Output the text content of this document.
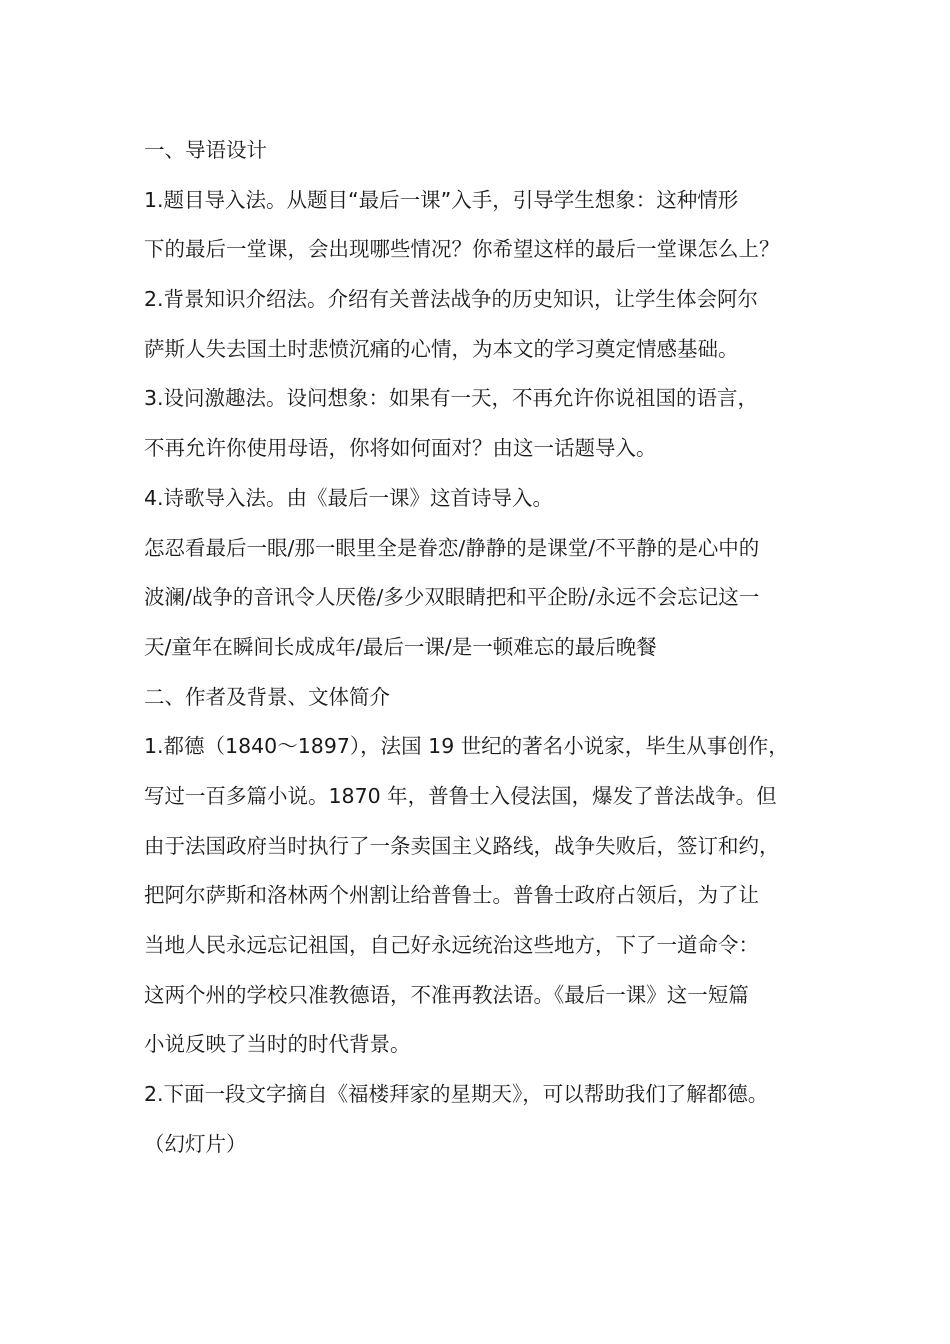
一、导语设计
1.题目导入法。从题目“最后一课”入手，引导学生想象：这种情形
下的最后一堂课，会出现哪些情况？你希望这样的最后一堂课怎么上？
2.背景知识介绍法。介绍有关普法战争的历史知识，让学生体会阿尔
萨斯人失去国土时悲愤沉痛的心情，为本文的学习奠定情感基础。
3.设问激趣法。设问想象：如果有一天，不再允许你说祖国的语言，
不再允许你使用母语，你将如何面对？由这一话题导入。
4.诗歌导入法。由《最后一课》这首诗导入。
怎忍看最后一眼/那一眼里全是眷恋/静静的是课堂/不平静的是心中的
波澜/战争的音讯令人厌倦/多少双眼睛把和平企盼/永远不会忘记这一
天/童年在瞬间长成成年/最后一课/是一顿难忘的最后晚餐
二、作者及背景、文体简介
1.都德（1840～1897），法国 19 世纪的著名小说家，毕生从事创作，
写过一百多篇小说。1870 年，普鲁士入侵法国，爆发了普法战争。但
由于法国政府当时执行了一条卖国主义路线，战争失败后，签订和约，
把阿尔萨斯和洛林两个州割让给普鲁士。普鲁士政府占领后，为了让
当地人民永远忘记祖国，自己好永远统治这些地方，下了一道命令：
这两个州的学校只准教德语，不准再教法语。《最后一课》这一短篇
小说反映了当时的时代背景。
2.下面一段文字摘自《福楼拜家的星期天》，可以帮助我们了解都德。
（幻灯片）
